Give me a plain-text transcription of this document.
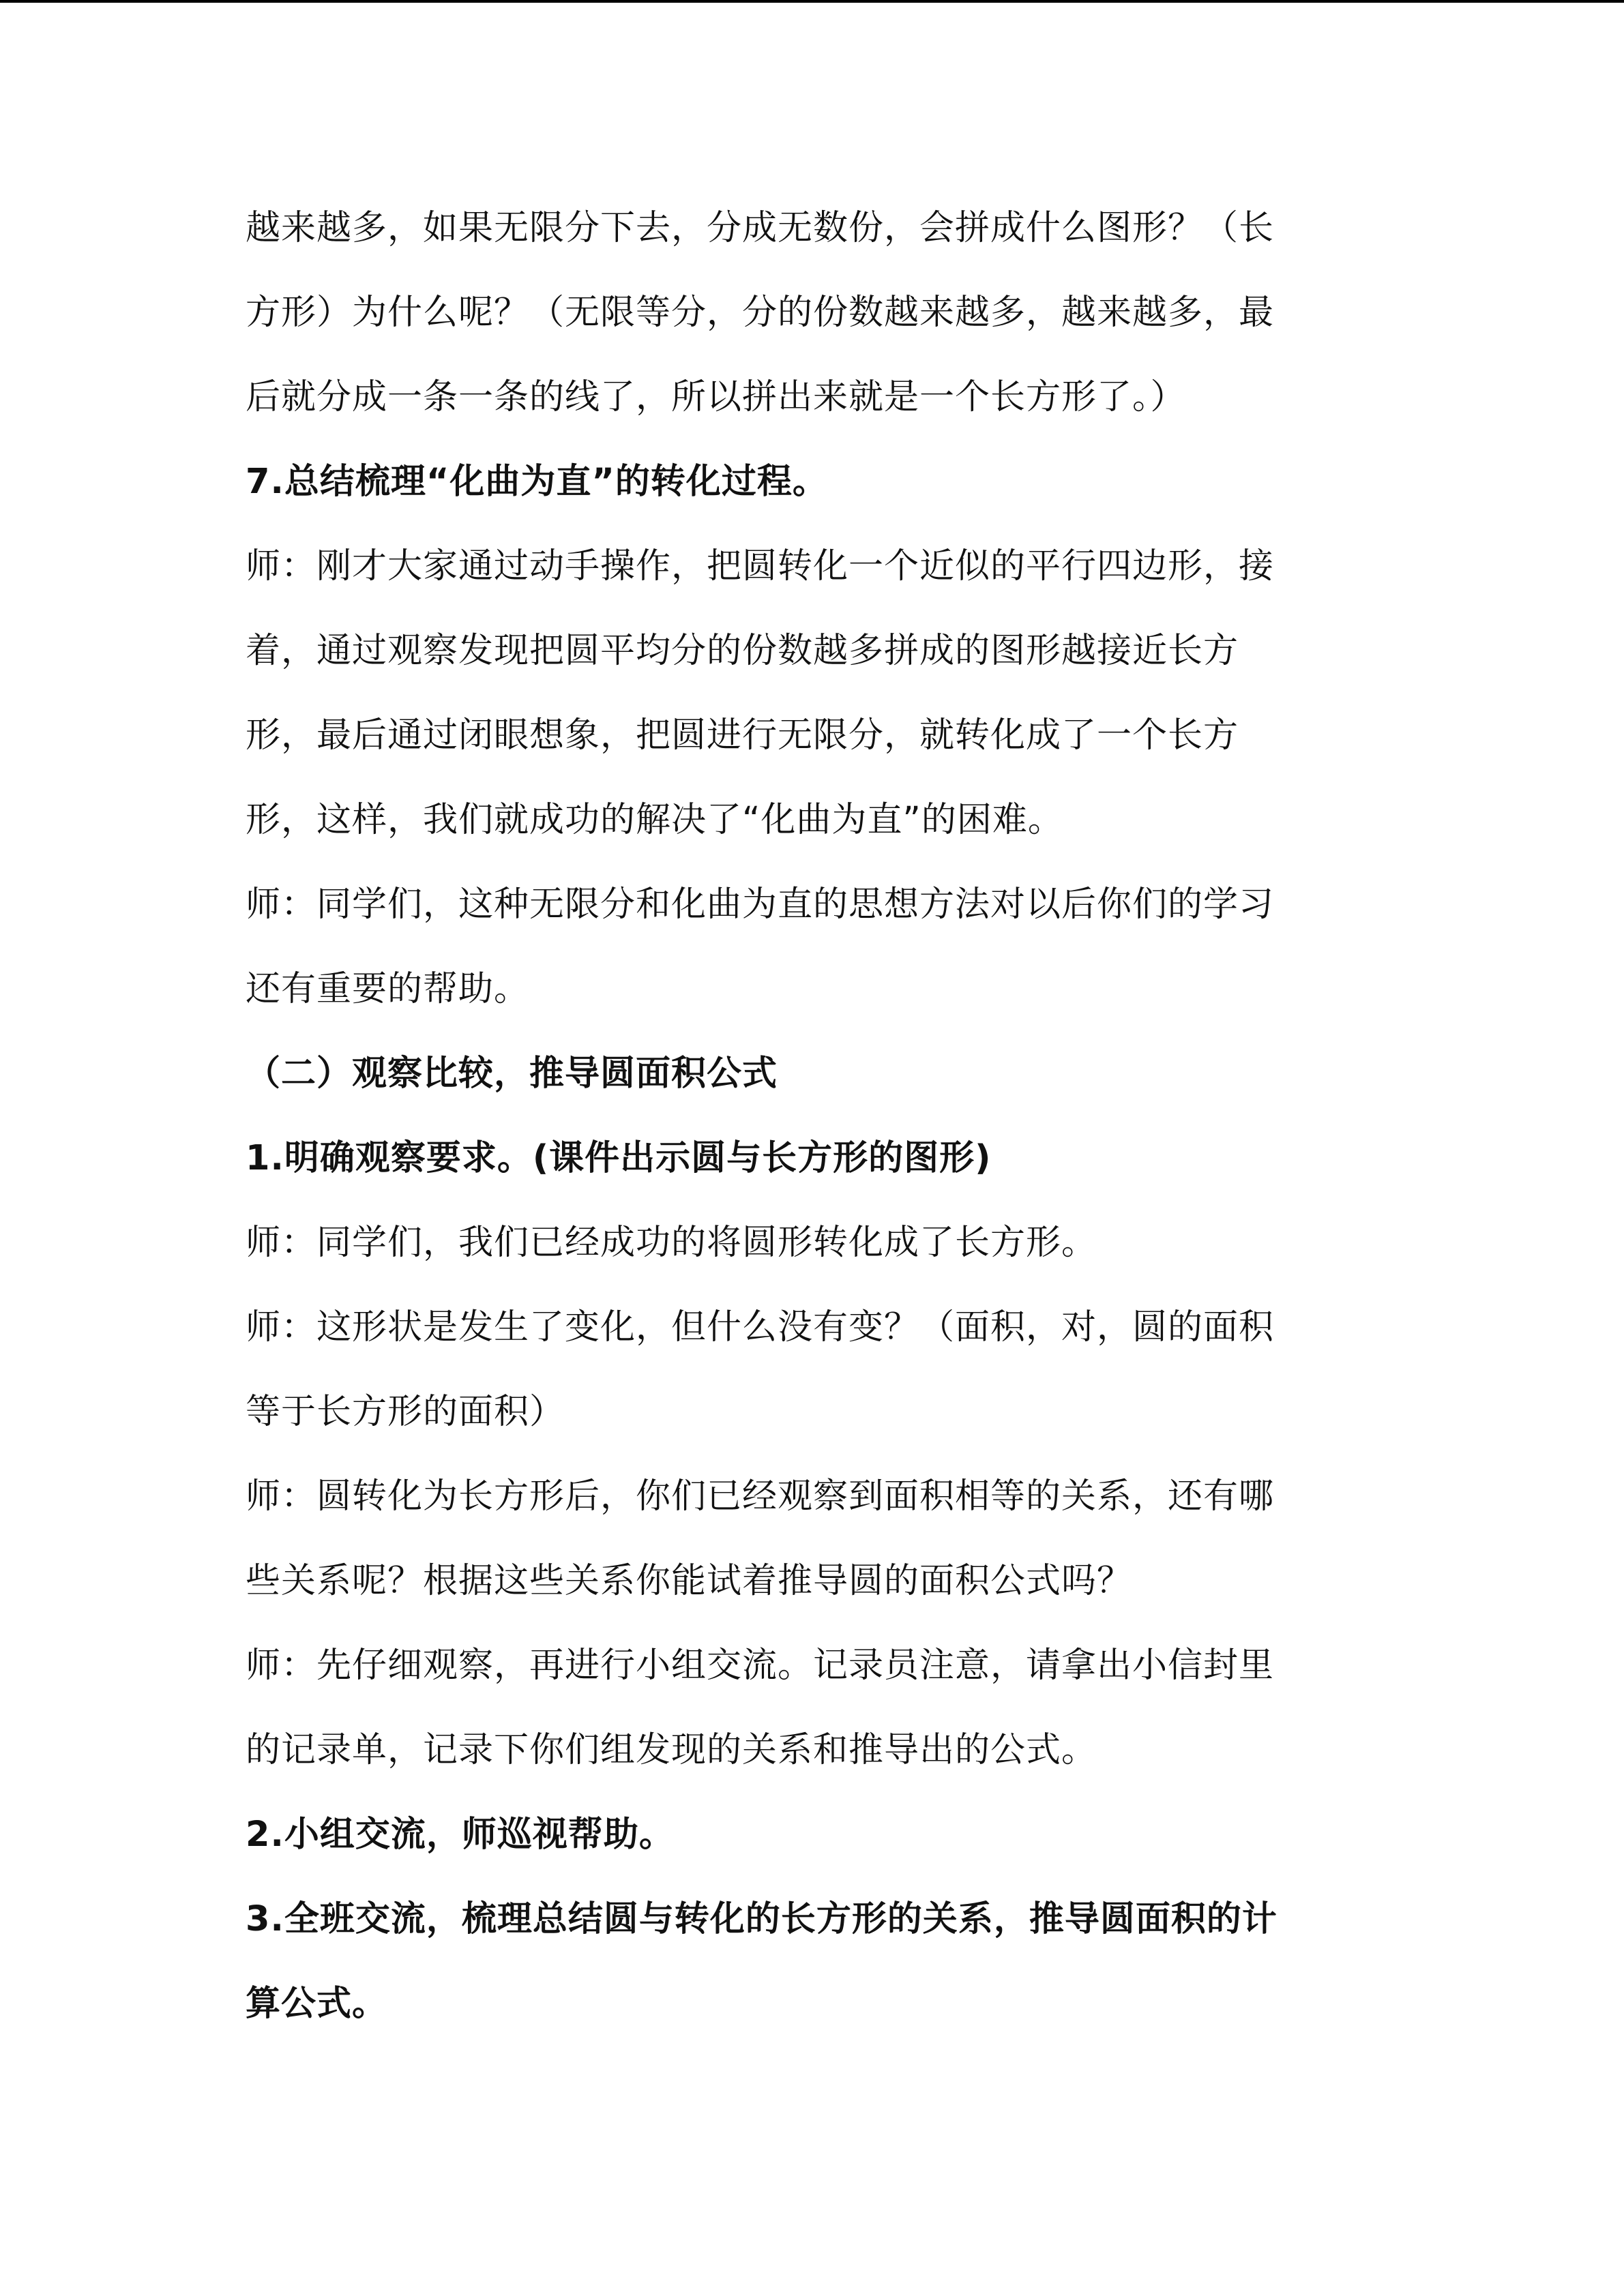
越来越多，如果无限分下去，分成无数份，会拼成什么图形？（长
方形）为什么呢？（无限等分，分的份数越来越多，越来越多，最
后就分成一条一条的线了，所以拼出来就是一个长方形了。）
7.总结梳理“化曲为直”的转化过程。
师：刚才大家通过动手操作，把圆转化一个近似的平行四边形，接
着，通过观察发现把圆平均分的份数越多拼成的图形越接近长方
形，最后通过闭眼想象，把圆进行无限分，就转化成了一个长方
形，这样，我们就成功的解决了“化曲为直”的困难。
师：同学们，这种无限分和化曲为直的思想方法对以后你们的学习
还有重要的帮助。
（二）观察比较，推导圆面积公式
1.明确观察要求。(课件出示圆与长方形的图形)
师：同学们，我们已经成功的将圆形转化成了长方形。
师：这形状是发生了变化，但什么没有变？（面积，对，圆的面积
等于长方形的面积）
师：圆转化为长方形后，你们已经观察到面积相等的关系，还有哪
些关系呢？根据这些关系你能试着推导圆的面积公式吗？
师：先仔细观察，再进行小组交流。记录员注意，请拿出小信封里
的记录单，记录下你们组发现的关系和推导出的公式。
2.小组交流，师巡视帮助。
3.全班交流，梳理总结圆与转化的长方形的关系，推导圆面积的计
算公式。
